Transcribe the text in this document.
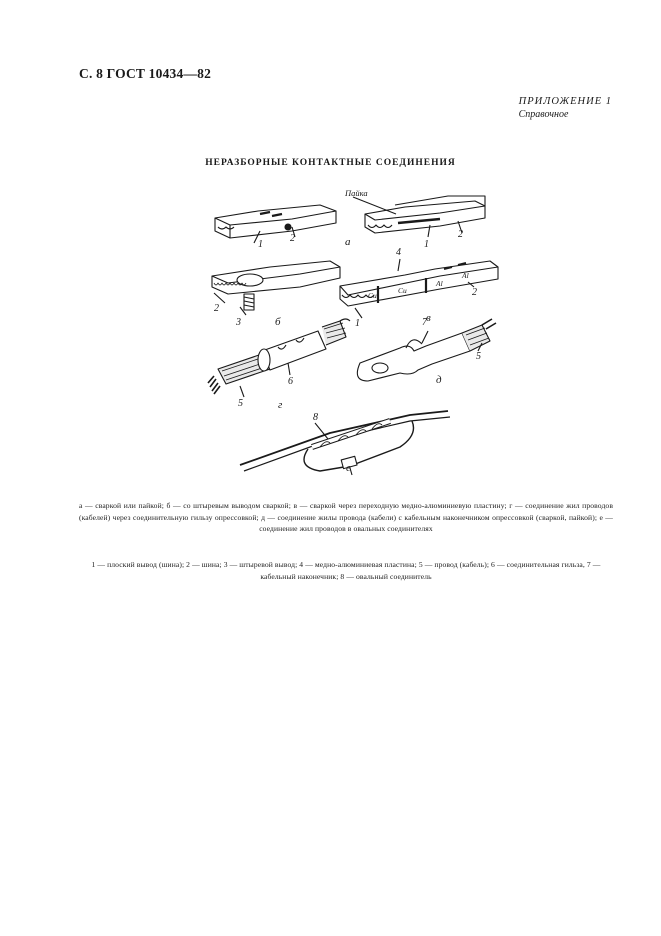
С. 8 ГОСТ 10434—82
ПРИЛОЖЕНИЕ 1
Справочное
НЕРАЗБОРНЫЕ КОНТАКТНЫЕ СОЕДИНЕНИЯ
1
2
Пайка
1
2
а
2
3	б
4
Cu
Cu
Al
Al
2
1	в
5
6
г
7
5
д
8
е
а — сваркой или пайкой; б — со штыревым выводом сваркой; в — сваркой через переходную медно-алюминиевую пластину; г — соединение жил проводов (кабелей) через соединительную гильзу опрессовкой; д — соединение жилы провода (кабели) с кабельным наконечником опрессовкой (сваркой, пайкой); е — соединение жил проводов в овальных соединителях
1 — плоский вывод (шина); 2 — шина; 3 — штыревой вывод; 4 — медно-алюминиевая пластина; 5 — провод (кабель); 6 — соединительная гильза, 7 — кабельный наконечник; 8 — овальный соединитель
